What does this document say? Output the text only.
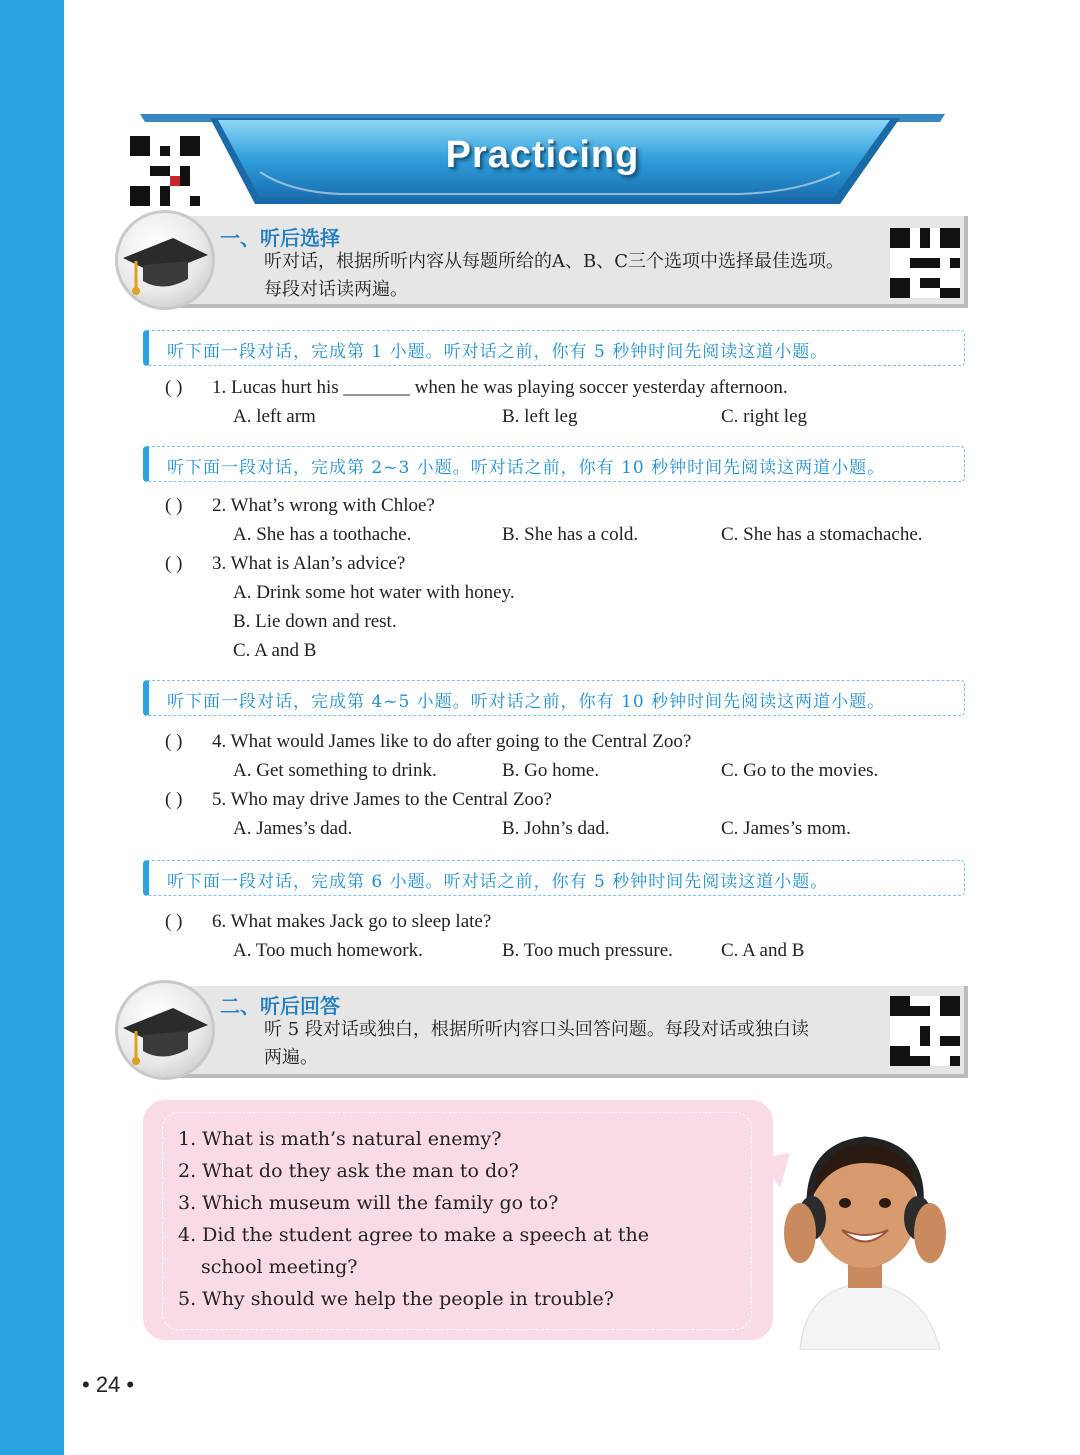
Practicing
一、听后选择
听对话，根据所听内容从每题所给的A、B、C三个选项中选择最佳选项。
每段对话读两遍。
听下面一段对话，完成第 1 小题。听对话之前，你有 5 秒钟时间先阅读这道小题。
( ) 1. Lucas hurt his _______ when he was playing soccer yesterday afternoon.
A. left arm	B. left leg	C. right leg
听下面一段对话，完成第 2~3 小题。听对话之前，你有 10 秒钟时间先阅读这两道小题。
( ) 2. What’s wrong with Chloe?
A. She has a toothache.	B. She has a cold.	C. She has a stomachache.
( ) 3. What is Alan’s advice?
A. Drink some hot water with honey.
B. Lie down and rest.
C. A and B
听下面一段对话，完成第 4~5 小题。听对话之前，你有 10 秒钟时间先阅读这两道小题。
( ) 4. What would James like to do after going to the Central Zoo?
A. Get something to drink.	B. Go home.	C. Go to the movies.
( ) 5. Who may drive James to the Central Zoo?
A. James’s dad.	B. John’s dad.	C. James’s mom.
听下面一段对话，完成第 6 小题。听对话之前，你有 5 秒钟时间先阅读这道小题。
( ) 6. What makes Jack go to sleep late?
A. Too much homework.	B. Too much pressure.	C. A and B
二、听后回答
听 5 段对话或独白，根据所听内容口头回答问题。每段对话或独白读
两遍。
1. What is math’s natural enemy?
2. What do they ask the man to do?
3. Which museum will the family go to?
4. Did the student agree to make a speech at the
school meeting?
5. Why should we help the people in trouble?
• 24 •
